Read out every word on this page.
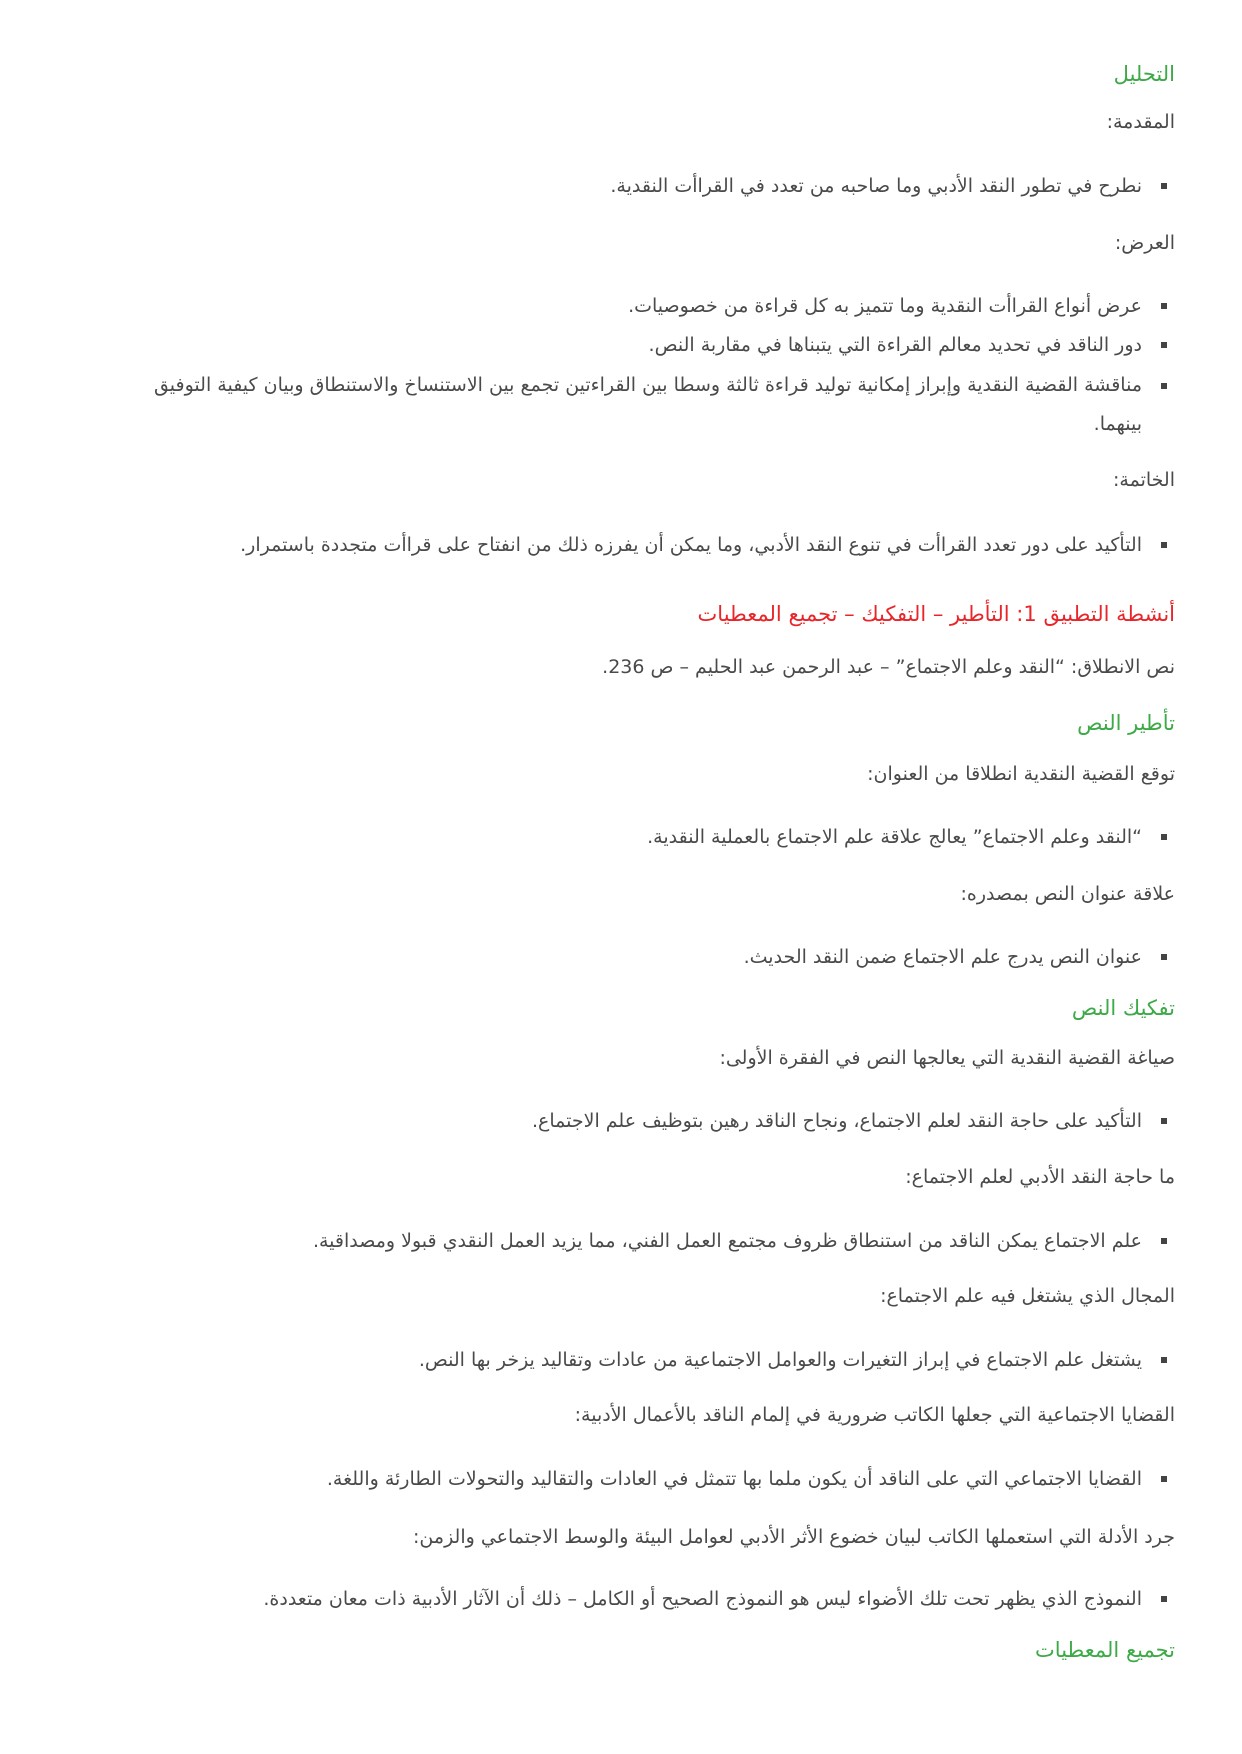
التحليل
المقدمة:
نطرح في تطور النقد الأدبي وما صاحبه من تعدد في القراأت النقدية.
العرض:
عرض أنواع القراأت النقدية وما تتميز به كل قراءة من خصوصيات.
دور الناقد في تحديد معالم القراءة التي يتبناها في مقاربة النص.
مناقشة القضية النقدية وإبراز إمكانية توليد قراءة ثالثة وسطا بين القراءتين تجمع بين الاستنساخ والاستنطاق وبيان كيفية التوفيق بينهما.
الخاتمة:
التأكيد على دور تعدد القراأت في تنوع النقد الأدبي، وما يمكن أن يفرزه ذلك من انفتاح على قراأت متجددة باستمرار.
أنشطة التطبيق 1: التأطير – التفكيك – تجميع المعطيات
نص الانطلاق: “النقد وعلم الاجتماع” – عبد الرحمن عبد الحليم – ص 236.
تأطير النص
توقع القضية النقدية انطلاقا من العنوان:
“النقد وعلم الاجتماع” يعالج علاقة علم الاجتماع بالعملية النقدية.
علاقة عنوان النص بمصدره:
عنوان النص يدرج علم الاجتماع ضمن النقد الحديث.
تفكيك النص
صياغة القضية النقدية التي يعالجها النص في الفقرة الأولى:
التأكيد على حاجة النقد لعلم الاجتماع، ونجاح الناقد رهين بتوظيف علم الاجتماع.
ما حاجة النقد الأدبي لعلم الاجتماع:
علم الاجتماع يمكن الناقد من استنطاق ظروف مجتمع العمل الفني، مما يزيد العمل النقدي قبولا ومصداقية.
المجال الذي يشتغل فيه علم الاجتماع:
يشتغل علم الاجتماع في إبراز التغيرات والعوامل الاجتماعية من عادات وتقاليد يزخر بها النص.
القضايا الاجتماعية التي جعلها الكاتب ضرورية في إلمام الناقد بالأعمال الأدبية:
القضايا الاجتماعي التي على الناقد أن يكون ملما بها تتمثل في العادات والتقاليد والتحولات الطارئة واللغة.
جرد الأدلة التي استعملها الكاتب لبيان خضوع الأثر الأدبي لعوامل البيئة والوسط الاجتماعي والزمن:
النموذج الذي يظهر تحت تلك الأضواء ليس هو النموذج الصحيح أو الكامل – ذلك أن الآثار الأدبية ذات معان متعددة.
تجميع المعطيات
